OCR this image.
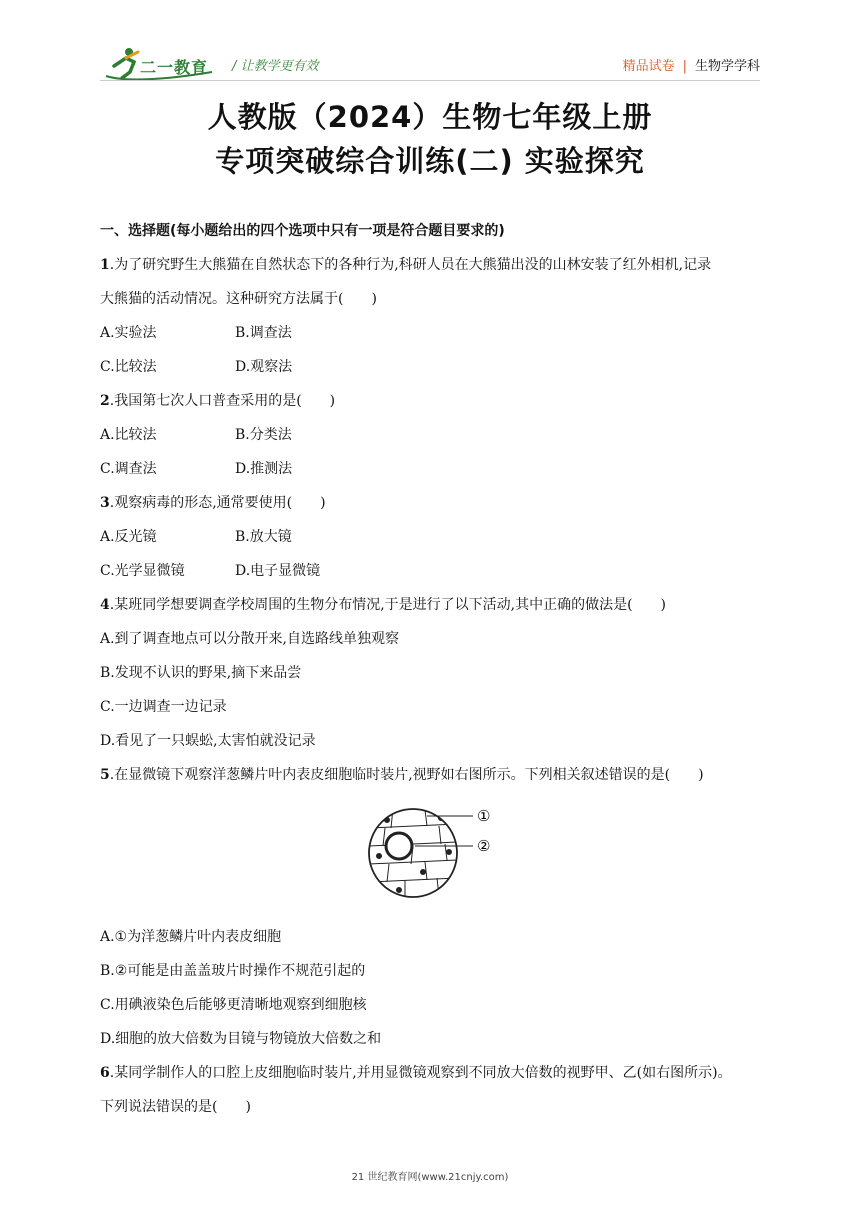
二一教育 / 让教学更有效	精品试卷 | 生物学学科
人教版（2024）生物七年级上册
专项突破综合训练(二) 实验探究
一、选择题(每小题给出的四个选项中只有一项是符合题目要求的)
1.为了研究野生大熊猫在自然状态下的各种行为,科研人员在大熊猫出没的山林安装了红外相机,记录
大熊猫的活动情况。这种研究方法属于(　　)
A.实验法	B.调查法
C.比较法	D.观察法
2.我国第七次人口普查采用的是(　　)
A.比较法	B.分类法
C.调查法	D.推测法
3.观察病毒的形态,通常要使用(　　)
A.反光镜	B.放大镜
C.光学显微镜	D.电子显微镜
4.某班同学想要调查学校周围的生物分布情况,于是进行了以下活动,其中正确的做法是(　　)
A.到了调查地点可以分散开来,自选路线单独观察
B.发现不认识的野果,摘下来品尝
C.一边调查一边记录
D.看见了一只蜈蚣,太害怕就没记录
5.在显微镜下观察洋葱鳞片叶内表皮细胞临时装片,视野如右图所示。下列相关叙述错误的是(　　)
①
②
A.①为洋葱鳞片叶内表皮细胞
B.②可能是由盖盖玻片时操作不规范引起的
C.用碘液染色后能够更清晰地观察到细胞核
D.细胞的放大倍数为目镜与物镜放大倍数之和
6.某同学制作人的口腔上皮细胞临时装片,并用显微镜观察到不同放大倍数的视野甲、乙(如右图所示)。
下列说法错误的是(　　)
21 世纪教育网(www.21cnjy.com)
